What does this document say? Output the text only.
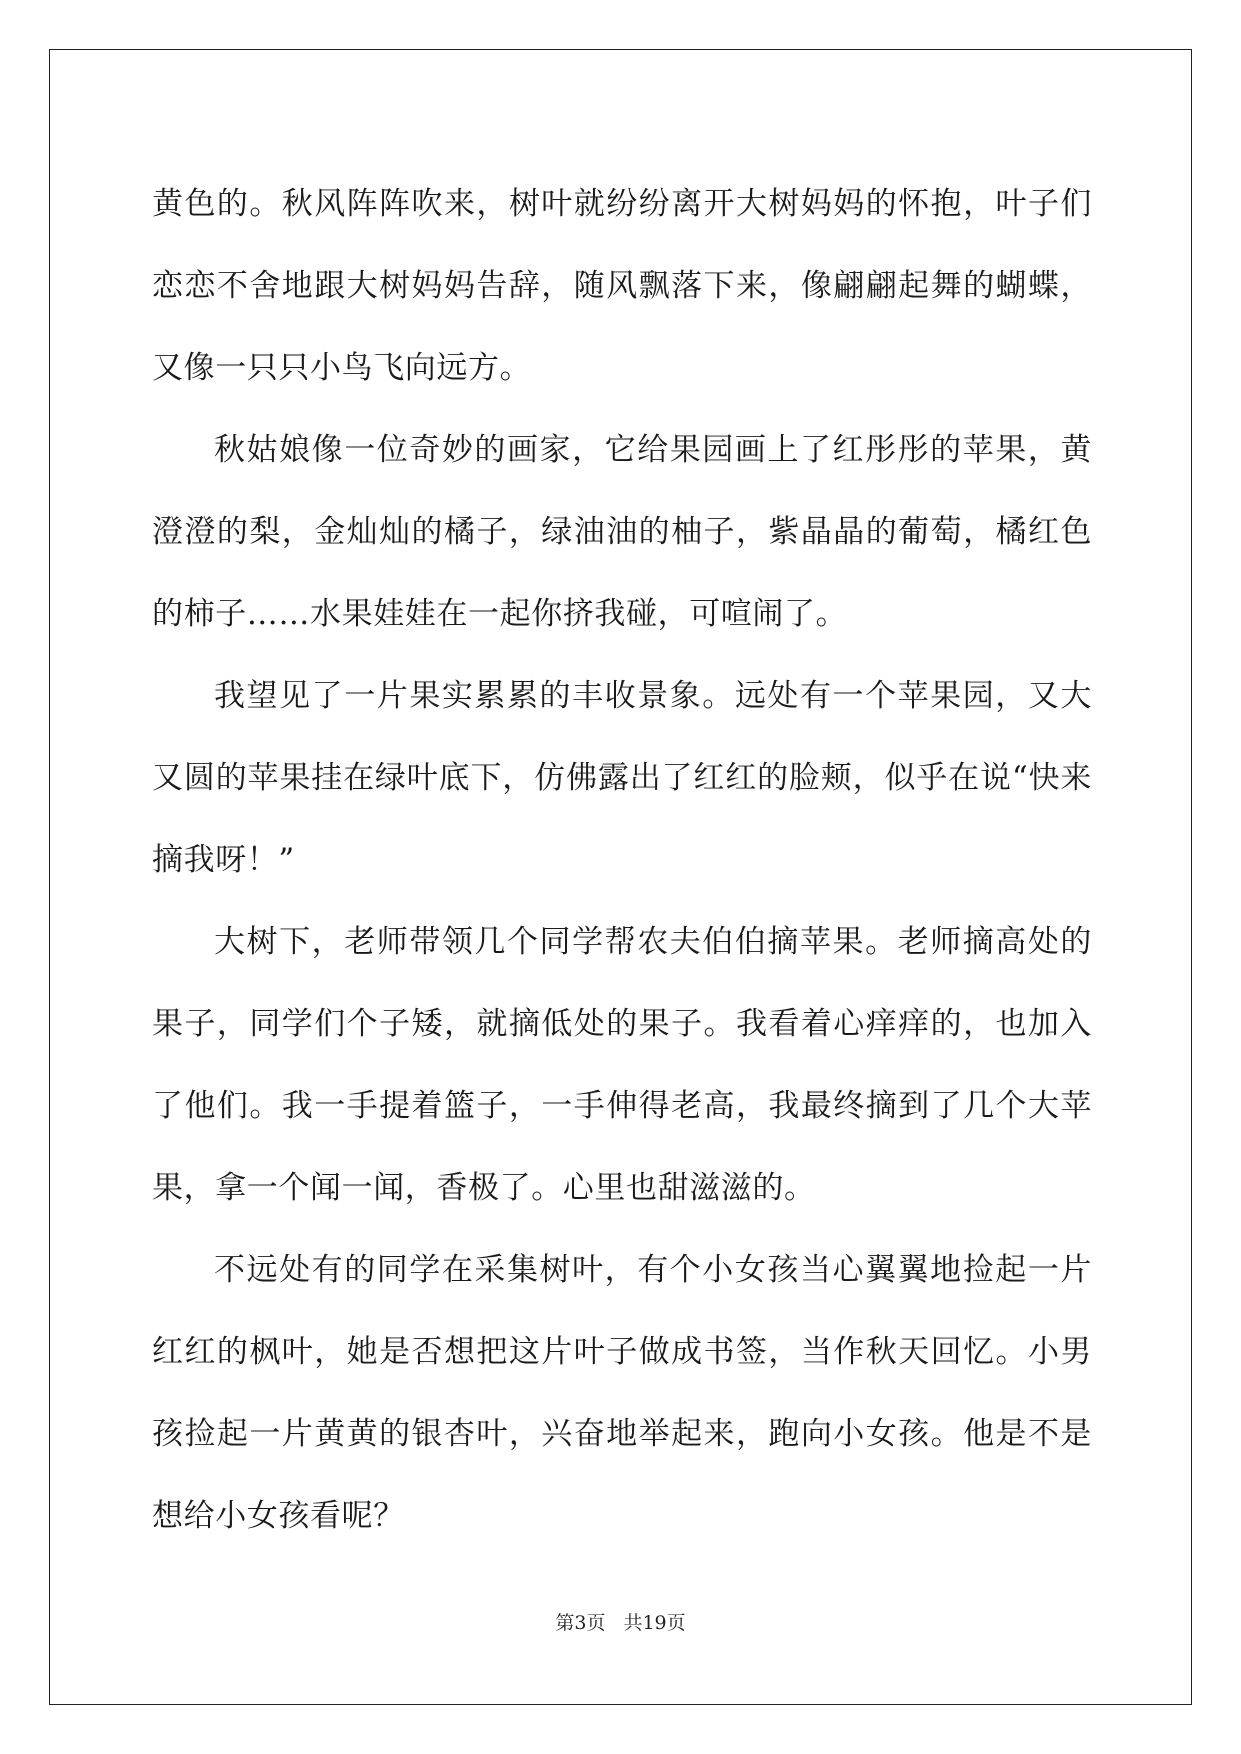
黄色的。秋风阵阵吹来，树叶就纷纷离开大树妈妈的怀抱，叶子们恋恋不舍地跟大树妈妈告辞，随风飘落下来，像翩翩起舞的蝴蝶，又像一只只小鸟飞向远方。

秋姑娘像一位奇妙的画家，它给果园画上了红彤彤的苹果，黄澄澄的梨，金灿灿的橘子，绿油油的柚子，紫晶晶的葡萄，橘红色的柿子……水果娃娃在一起你挤我碰，可喧闹了。

我望见了一片果实累累的丰收景象。远处有一个苹果园，又大又圆的苹果挂在绿叶底下，仿佛露出了红红的脸颊，似乎在说“快来摘我呀！”

大树下，老师带领几个同学帮农夫伯伯摘苹果。老师摘高处的果子，同学们个子矮，就摘低处的果子。我看着心痒痒的，也加入了他们。我一手提着篮子，一手伸得老高，我最终摘到了几个大苹果，拿一个闻一闻，香极了。心里也甜滋滋的。

不远处有的同学在采集树叶，有个小女孩当心翼翼地捡起一片红红的枫叶，她是否想把这片叶子做成书签，当作秋天回忆。小男孩捡起一片黄黄的银杏叶，兴奋地举起来，跑向小女孩。他是不是想给小女孩看呢？

第3页 共19页
